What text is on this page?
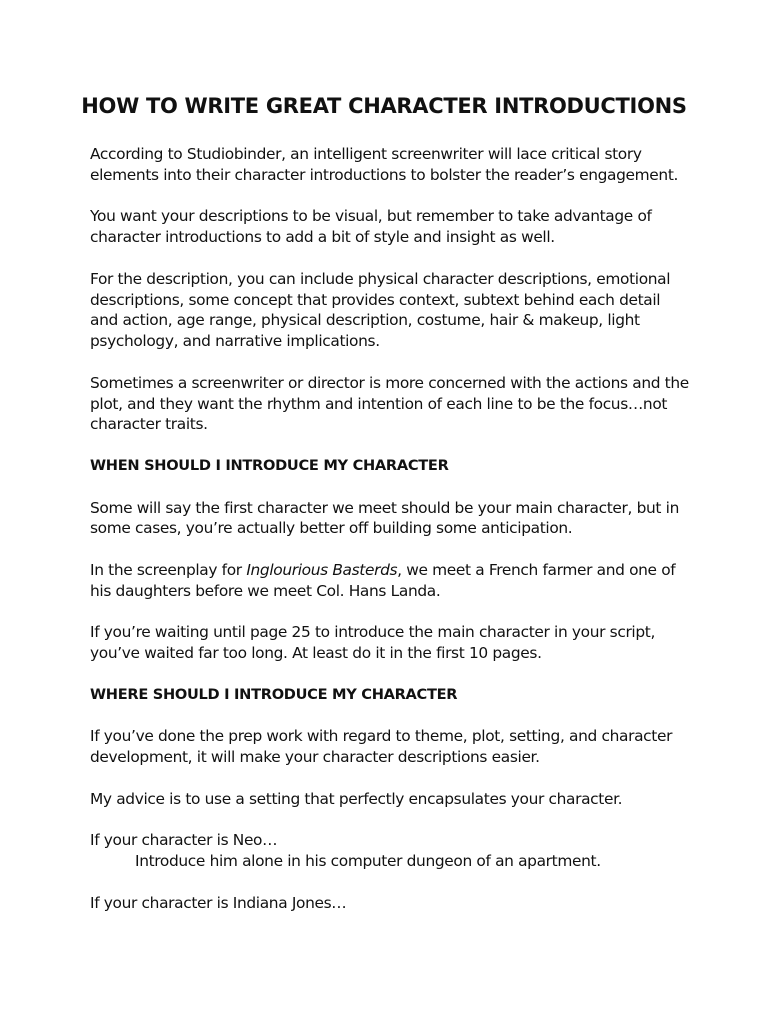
HOW TO WRITE GREAT CHARACTER INTRODUCTIONS

According to Studiobinder, an intelligent screenwriter will lace critical story elements into their character introductions to bolster the reader’s engagement.

You want your descriptions to be visual, but remember to take advantage of character introductions to add a bit of style and insight as well.

For the description, you can include physical character descriptions, emotional descriptions, some concept that provides context, subtext behind each detail and action, age range, physical description, costume, hair & makeup, light psychology, and narrative implications.

Sometimes a screenwriter or director is more concerned with the actions and the plot, and they want the rhythm and intention of each line to be the focus…not character traits.

WHEN SHOULD I INTRODUCE MY CHARACTER

Some will say the first character we meet should be your main character, but in some cases, you’re actually better off building some anticipation.

In the screenplay for Inglourious Basterds, we meet a French farmer and one of his daughters before we meet Col. Hans Landa.

If you’re waiting until page 25 to introduce the main character in your script, you’ve waited far too long. At least do it in the first 10 pages.

WHERE SHOULD I INTRODUCE MY CHARACTER

If you’ve done the prep work with regard to theme, plot, setting, and character development, it will make your character descriptions easier.

My advice is to use a setting that perfectly encapsulates your character.

If your character is Neo…
Introduce him alone in his computer dungeon of an apartment.

If your character is Indiana Jones…
